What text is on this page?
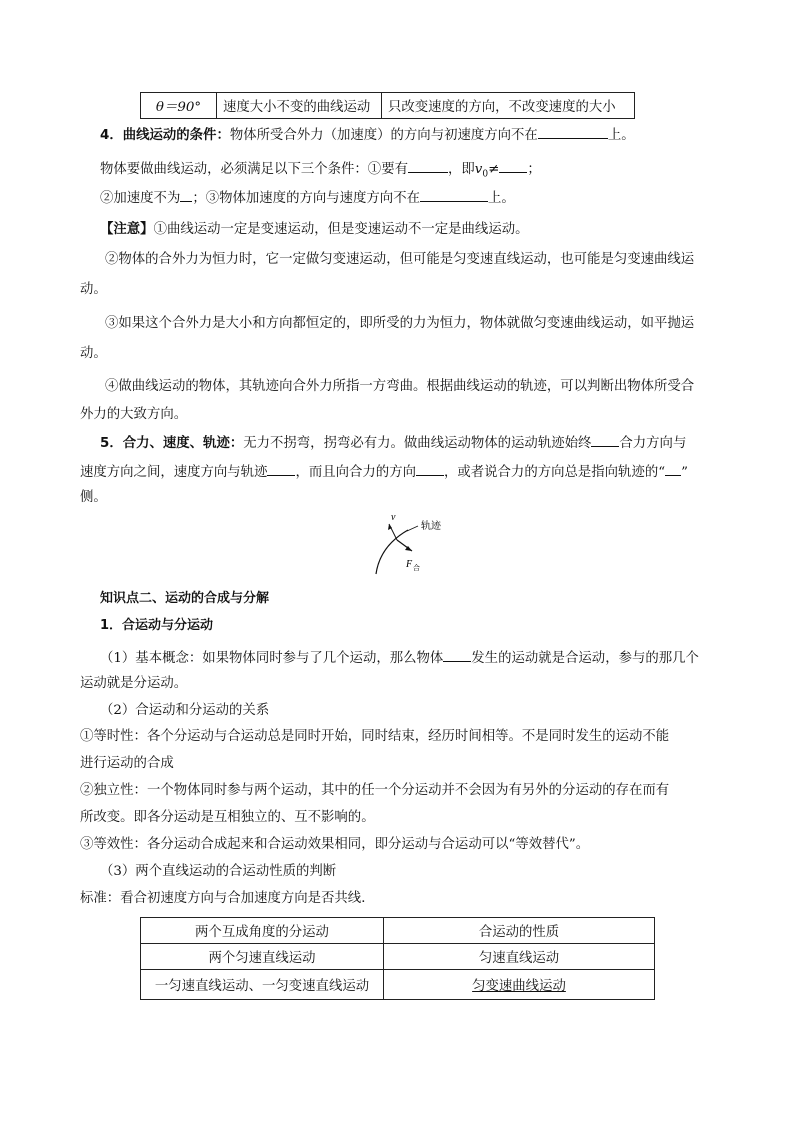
θ＝90°	速度大小不变的曲线运动	只改变速度的方向，不改变速度的大小
4．曲线运动的条件：物体所受合外力（加速度）的方向与初速度方向不在	上。
物体要做曲线运动，必须满足以下三个条件：①要有	，即$v_0\ne$ ；
②加速度不为 ；③物体加速度的方向与速度方向不在	上。
【注意】①曲线运动一定是变速运动，但是变速运动不一定是曲线运动。
②物体的合外力为恒力时，它一定做匀变速运动，但可能是匀变速直线运动，也可能是匀变速曲线运
动。
③如果这个合外力是大小和方向都恒定的，即所受的力为恒力，物体就做匀变速曲线运动，如平抛运
动。
④做曲线运动的物体，其轨迹向合外力所指一方弯曲。根据曲线运动的轨迹，可以判断出物体所受合
外力的大致方向。
5．合力、速度、轨迹：无力不拐弯，拐弯必有力。做曲线运动物体的运动轨迹始终 合力方向与
速度方向之间，速度方向与轨迹 ，而且向合力的方向 ，或者说合力的方向总是指向轨迹的“ ”
侧。
v
轨迹
F 合
知识点二、运动的合成与分解
1．合运动与分运动
（1）基本概念：如果物体同时参与了几个运动，那么物体 发生的运动就是合运动，参与的那几个
运动就是分运动。
（2）合运动和分运动的关系
①等时性：各个分运动与合运动总是同时开始，同时结束，经历时间相等。不是同时发生的运动不能
进行运动的合成
②独立性：一个物体同时参与两个运动，其中的任一个分运动并不会因为有另外的分运动的存在而有
所改变。即各分运动是互相独立的、互不影响的。
③等效性：各分运动合成起来和合运动效果相同，即分运动与合运动可以“等效替代”。
（3）两个直线运动的合运动性质的判断
标准：看合初速度方向与合加速度方向是否共线．
两个互成角度的分运动	合运动的性质
两个匀速直线运动	匀速直线运动
一匀速直线运动、一匀变速直线运动	匀变速曲线运动
